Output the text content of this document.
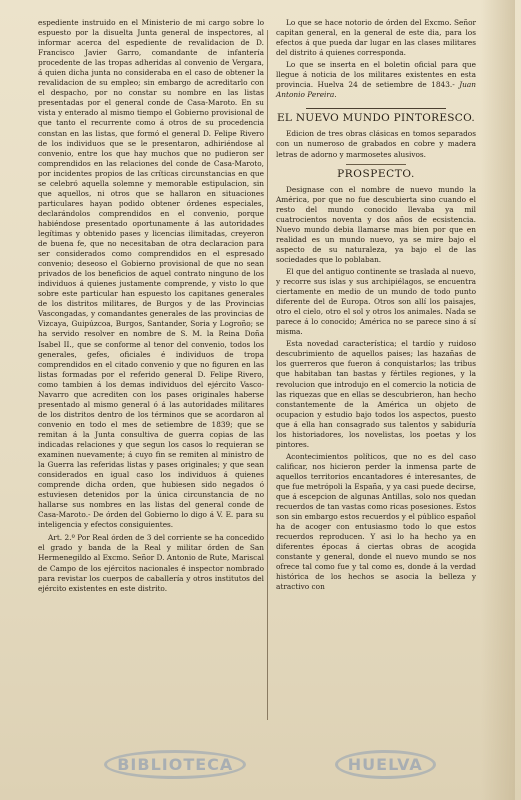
espediente instruido en el Ministerio de mi cargo sobre lo espuesto por la disuelta Junta general de inspectores, al informar acerca del espediente de revalidacion de D. Francisco Javier Garro, comandante de infantería procedente de las tropas adheridas al convenio de Vergara, á quien dicha junta no consideraba en el caso de obtener la revalidacion de su empleo; sin embargo de acreditarlo con el despacho, por no constar su nombre en las listas presentadas por el general conde de Casa-Maroto. En su vista y enterado al mismo tiempo el Gobierno provisional de que tanto el recurrente como á otros de su procedencia constan en las listas, que formó el general D. Felipe Rivero de los individuos que se le presentaron, adhiriéndose al convenio, entre los que hay muchos que no pudieron ser comprendidos en las relaciones del conde de Casa-Maroto, por incidentes propios de las críticas circunstancias en que se celebró aquella solemne y memorable estipulacion, sin que aquellos, ni otros que se hallaron en situaciones particulares hayan podido obtener órdenes especiales, declarándolos comprendidos en el convenio, porque habiéndose presentado oportunamente á las autoridades legítimas y obtenido pases y licencias ilimitadas, creyeron de buena fe, que no necesitaban de otra declaracion para ser considerados como comprendidos en el espresado convenio; deseoso el Gobierno provisional de que no sean privados de los beneficios de aquel contrato ninguno de los individuos á quienes justamente comprende, y visto lo que sobre este particular han espuesto los capitanes generales de los distritos militares, de Burgos y de las Provincias Vascongadas, y comandantes generales de las provincias de Vizcaya, Guipúzcoa, Burgos, Santander, Soria y Logroño; se ha servido resolver en nombre de S. M. la Reina Doña Isabel II., que se conforme al tenor del convenio, todos los generales, gefes, oficiales é individuos de tropa comprendidos en el citado convenio y que no figuren en las listas formadas por el referido general D. Felipe Rivero, como tambien á los demas individuos del ejército Vasco-Navarro que acrediten con los pases originales haberse presentado al mismo general ó á las autoridades militares de los distritos dentro de los términos que se acordaron al convenio en todo el mes de setiembre de 1839; que se remitan á la Junta consultiva de guerra copias de las indicadas relaciones y que segun los casos lo requieran se examinen nuevamente; á cuyo fin se remiten al ministro de la Guerra las referidas listas y pases originales; y que sean considerados en igual caso los individuos á quienes comprende dicha orden, que hubiesen sido negados ó estuviesen detenidos por la única circunstancia de no hallarse sus nombres en las listas del general conde de Casa-Maroto.- De órden del Gobierno lo digo á V. E. para su inteligencia y efectos consiguientes.

Art. 2.º Por Real órden de 3 del corriente se ha concedido el grado y banda de la Real y militar órden de San Hermenegildo al Excmo. Señor D. Antonio de Rute, Mariscal de Campo de los ejércitos nacionales é inspector nombrado para revistar los cuerpos de caballería y otros institutos del ejército existentes en este distrito.

Lo que se hace notorio de órden del Excmo. Señor capitan general, en la general de este dia, para los efectos á que pueda dar lugar en las clases militares del distrito á quienes corresponda.

Lo que se inserta en el boletin oficial para que llegue á noticia de los militares existentes en esta provincia. Huelva 24 de setiembre de 1843.- Juan Antonio Pereira.

EL NUEVO MUNDO PINTORESCO.

Edicion de tres obras clásicas en tomos separados con un numeroso de grabados en cobre y madera letras de adorno y marmosetes alusivos.

PROSPECTO.

Designase con el nombre de nuevo mundo la América, por que no fue descubierta sino cuando el resto del mundo conocido llevaba ya mil cuatrocientos noventa y dos años de ecsistencia. Nuevo mundo debia llamarse mas bien por que en realidad es un mundo nuevo, ya se mire bajo el aspecto de su naturaleza, ya bajo el de las sociedades que lo poblaban.

El que del antiguo continente se traslada al nuevo, y recorre sus islas y sus archipiélagos, se encuentra ciertamente en medio de un mundo de todo punto diferente del de Europa. Otros son allí los paisajes, otro el cielo, otro el sol y otros los animales. Nada se parece á lo conocido; América no se parece sino á sí misma.

Esta novedad característica; el tardío y ruidoso descubrimiento de aquellos paises; las hazañas de los guerreros que fueron á conquistarlos; las tribus que habitaban tan bastas y fértiles regiones, y la revolucion que introdujo en el comercio la noticia de las riquezas que en ellas se descubrieron, han hecho constantemente de la América un objeto de ocupacion y estudio bajo todos los aspectos, puesto que á ella han consagrado sus talentos y sabiduría los historiadores, los novelistas, los poetas y los pintores.

Acontecimientos políticos, que no es del caso calificar, nos hicieron perder la inmensa parte de aquellos territorios encantadores é interesantes, de que fue metrópoli la España, y ya casi puede decirse, que á escepcion de algunas Antillas, solo nos quedan recuerdos de tan vastas como ricas posesiones. Estos son sin embargo estos recuerdos y el público español ha de acoger con entusiasmo todo lo que estos recuerdos reproducen. Y asi lo ha hecho ya en diferentes épocas á ciertas obras de acogida constante y general, donde el nuevo mundo se nos ofrece tal como fue y tal como es, donde á la verdad histórica de los hechos se asocia la belleza y atractivo con

BIBLIOTECA	HUELVA
